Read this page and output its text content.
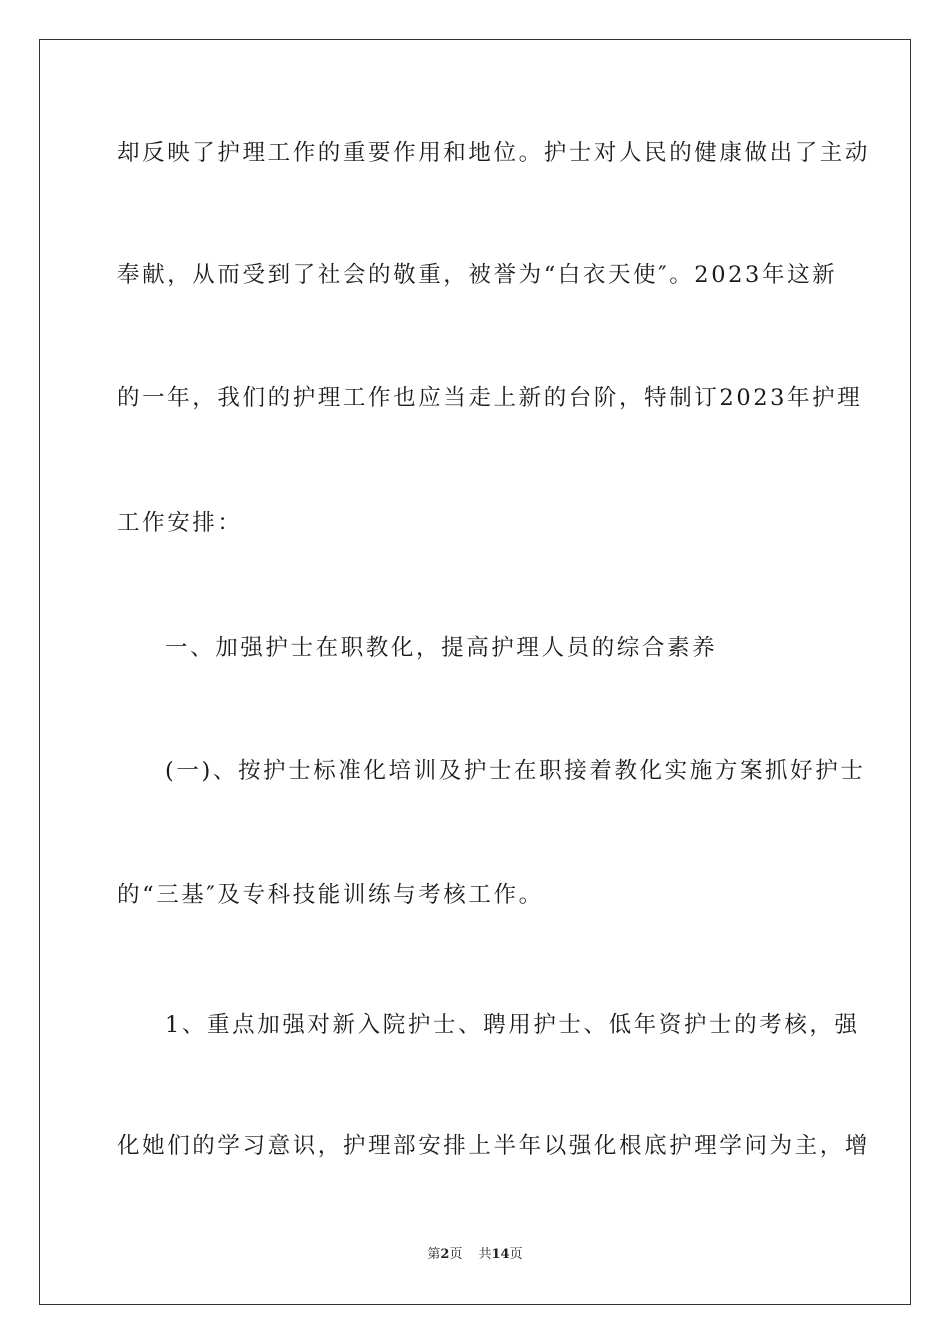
却反映了护理工作的重要作用和地位。护士对人民的健康做出了主动
奉献，从而受到了社会的敬重，被誉为“白衣天使″。2023年这新
的一年，我们的护理工作也应当走上新的台阶，特制订2023年护理
工作安排：
一、加强护士在职教化，提高护理人员的综合素养
(一)、按护士标准化培训及护士在职接着教化实施方案抓好护士
的“三基″及专科技能训练与考核工作。
1、重点加强对新入院护士、聘用护士、低年资护士的考核，强
化她们的学习意识，护理部安排上半年以强化根底护理学问为主，增
第2页 共14页
